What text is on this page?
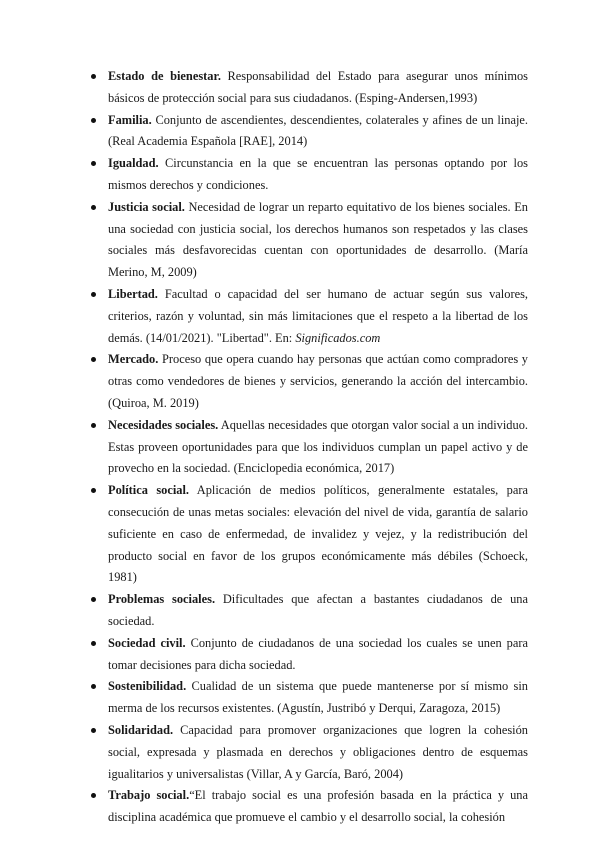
Estado de bienestar. Responsabilidad del Estado para asegurar unos mínimos básicos de protección social para sus ciudadanos. (Esping-Andersen,1993)
Familia. Conjunto de ascendientes, descendientes, colaterales y afines de un linaje. (Real Academia Española [RAE], 2014)
Igualdad. Circunstancia en la que se encuentran las personas optando por los mismos derechos y condiciones.
Justicia social. Necesidad de lograr un reparto equitativo de los bienes sociales. En una sociedad con justicia social, los derechos humanos son respetados y las clases sociales más desfavorecidas cuentan con oportunidades de desarrollo. (María Merino, M, 2009)
Libertad. Facultad o capacidad del ser humano de actuar según sus valores, criterios, razón y voluntad, sin más limitaciones que el respeto a la libertad de los demás. (14/01/2021). "Libertad". En: Significados.com
Mercado. Proceso que opera cuando hay personas que actúan como compradores y otras como vendedores de bienes y servicios, generando la acción del intercambio. (Quiroa, M. 2019)
Necesidades sociales. Aquellas necesidades que otorgan valor social a un individuo. Estas proveen oportunidades para que los individuos cumplan un papel activo y de provecho en la sociedad. (Enciclopedia económica, 2017)
Política social. Aplicación de medios políticos, generalmente estatales, para consecución de unas metas sociales: elevación del nivel de vida, garantía de salario suficiente en caso de enfermedad, de invalidez y vejez, y la redistribución del producto social en favor de los grupos económicamente más débiles (Schoeck, 1981)
Problemas sociales. Dificultades que afectan a bastantes ciudadanos de una sociedad.
Sociedad civil. Conjunto de ciudadanos de una sociedad los cuales se unen para tomar decisiones para dicha sociedad.
Sostenibilidad. Cualidad de un sistema que puede mantenerse por sí mismo sin merma de los recursos existentes. (Agustín, Justribó y Derqui, Zaragoza, 2015)
Solidaridad. Capacidad para promover organizaciones que logren la cohesión social, expresada y plasmada en derechos y obligaciones dentro de esquemas igualitarios y universalistas (Villar, A y García, Baró, 2004)
Trabajo social.“El trabajo social es una profesión basada en la práctica y una disciplina académica que promueve el cambio y el desarrollo social, la cohesión
